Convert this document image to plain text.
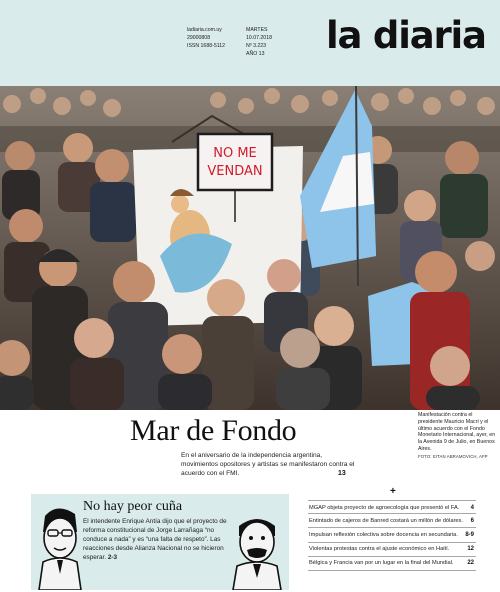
ladiaria.com.uy
29000808
ISSN 1688-5112
MARTES
10.07.2018
Nº 3.223
AÑO 13 la diaria
NO ME
VENDAN
Mar de Fondo
En el aniversario de la independencia argentina, movimientos opositores y artistas se manifestaron contra el acuerdo con el FMI.	13
Manifestación contra el presidente Mauricio Macri y el último acuerdo con el Fondo Monetario Internacional, ayer, en la Avenida 9 de Julio, en Buenos Aires.
FOTO: EITAN ABRAMOVICH, AFP
No hay peor cuña
El intendente Enrique Antía dijo que el proyecto de reforma constitucional de Jorge Larrañaga “no conduce a nada” y es “una falta de respeto”. Las reacciones desde Alianza Nacional no se hicieron esperar. 2-3
+
MGAP objeta proyecto de agroecología que presentó el FA. 4
Entintado de cajeros de Banred costará un millón de dólares. 6
Impulsan reflexión colectiva sobre docencia en secundaria. 8-9
Violentas protestas contra el ajuste económico en Haití.	12
Bélgica y Francia van por un lugar en la final del Mundial. 22
